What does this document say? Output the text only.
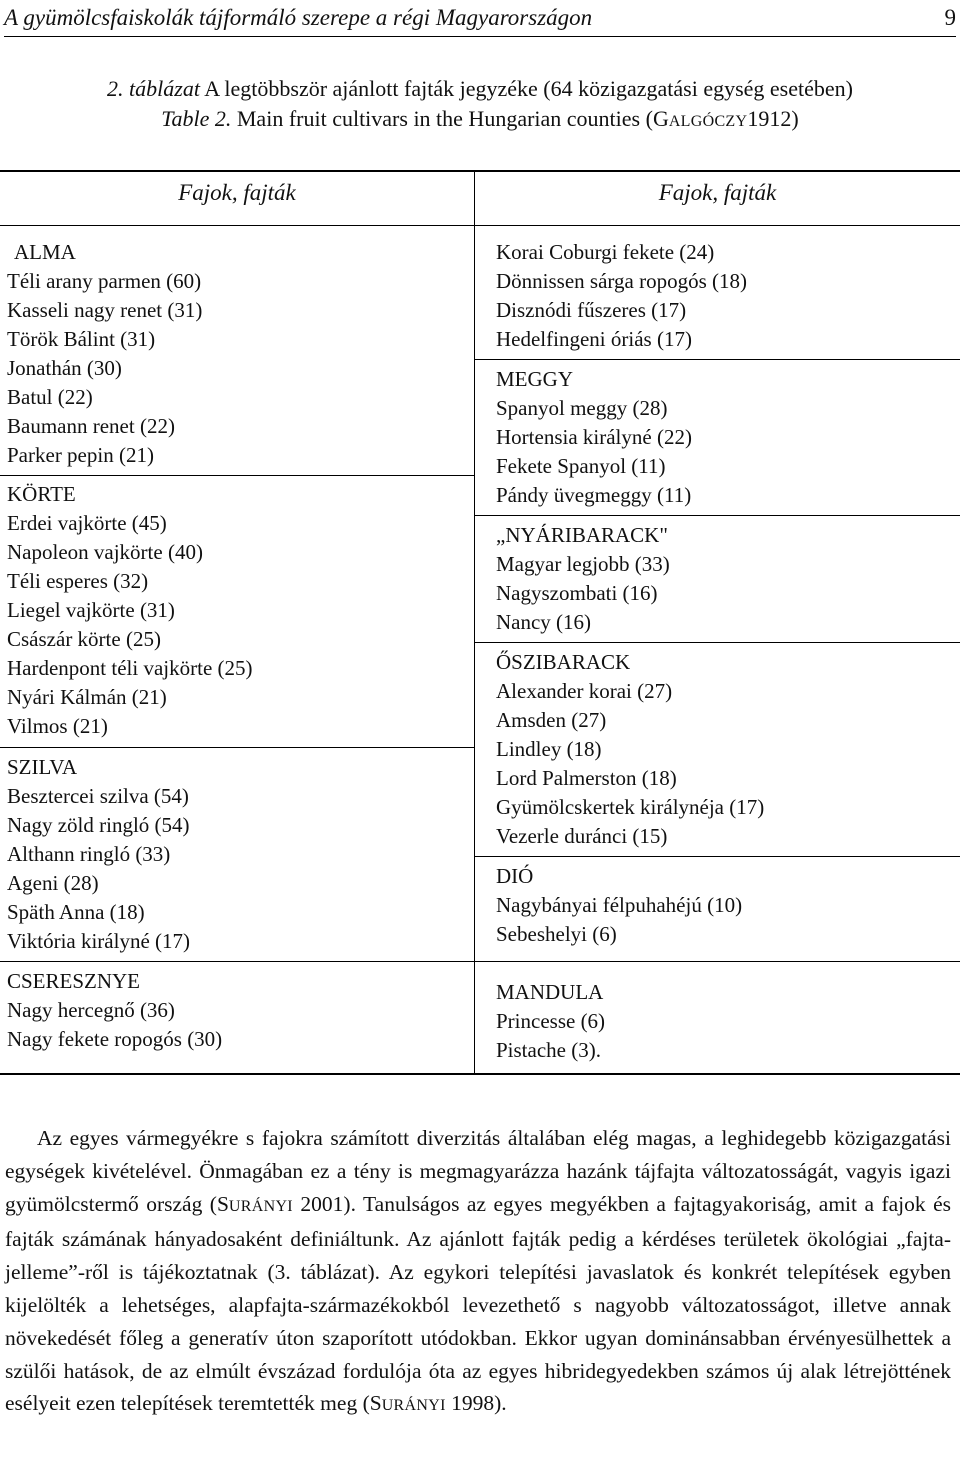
A gyümölcsfaiskolák tájformáló szerepe a régi Magyarországon	9
2. táblázat A legtöbbször ajánlott fajták jegyzéke (64 közigazgatási egység esetében)
Table 2. Main fruit cultivars in the Hungarian counties (GALGÓCZY1912)
Fajok, fajták	Fajok, fajták
ALMA
Téli arany parmen (60)
Kasseli nagy renet (31)
Török Bálint (31)
Jonathán (30)
Batul (22)
Baumann renet (22)
Parker pepin (21)
KÖRTE
Erdei vajkörte (45)
Napoleon vajkörte (40)
Téli esperes (32)
Liegel vajkörte (31)
Császár körte (25)
Hardenpont téli vajkörte (25)
Nyári Kálmán (21)
Vilmos (21)
SZILVA
Besztercei szilva (54)
Nagy zöld ringló (54)
Althann ringló (33)
Ageni (28)
Späth Anna (18)
Viktória királyné (17)
CSERESZNYE
Nagy hercegnő (36)
Nagy fekete ropogós (30)
Korai Coburgi fekete (24)
Dönnissen sárga ropogós (18)
Disznódi fűszeres (17)
Hedelfingeni óriás (17)
MEGGY
Spanyol meggy (28)
Hortensia királyné (22)
Fekete Spanyol (11)
Pándy üvegmeggy (11)
„NYÁRIBARACK"
Magyar legjobb (33)
Nagyszombati (16)
Nancy (16)
ŐSZIBARACK
Alexander korai (27)
Amsden (27)
Lindley (18)
Lord Palmerston (18)
Gyümölcskertek királynéja (17)
Vezerle duránci (15)
DIÓ
Nagybányai félpuhahéjú (10)
Sebeshelyi (6)
MANDULA
Princesse (6)
Pistache (3).

Az egyes vármegyékre s fajokra számított diverzitás általában elég magas, a leghidegebb közigazgatási egységek kivételével. Önmagában ez a tény is megmagyarázza hazánk tájfajta változatosságát, vagyis igazi gyümölcstermő ország (SURÁNYI 2001). Tanulságos az egyes megyékben a fajtagyakoriság, amit a fajok és fajták számának hányadosaként definiáltunk. Az ajánlott fajták pedig a kérdéses területek ökológiai „fajta-jelleme”-ről is tájékoztatnak (3. táblázat). Az egykori telepítési javaslatok és konkrét telepítések egyben kijelölték a lehetséges, alapfajta-származékokból levezethető s nagyobb változatosságot, illetve annak növekedését főleg a generatív úton szaporított utódokban. Ekkor ugyan dominánsabban érvényesülhettek a szülői hatások, de az elmúlt évszázad fordulója óta az egyes hibridegyedekben számos új alak létrejöttének esélyeit ezen telepítések teremtették meg (SURÁNYI 1998).
